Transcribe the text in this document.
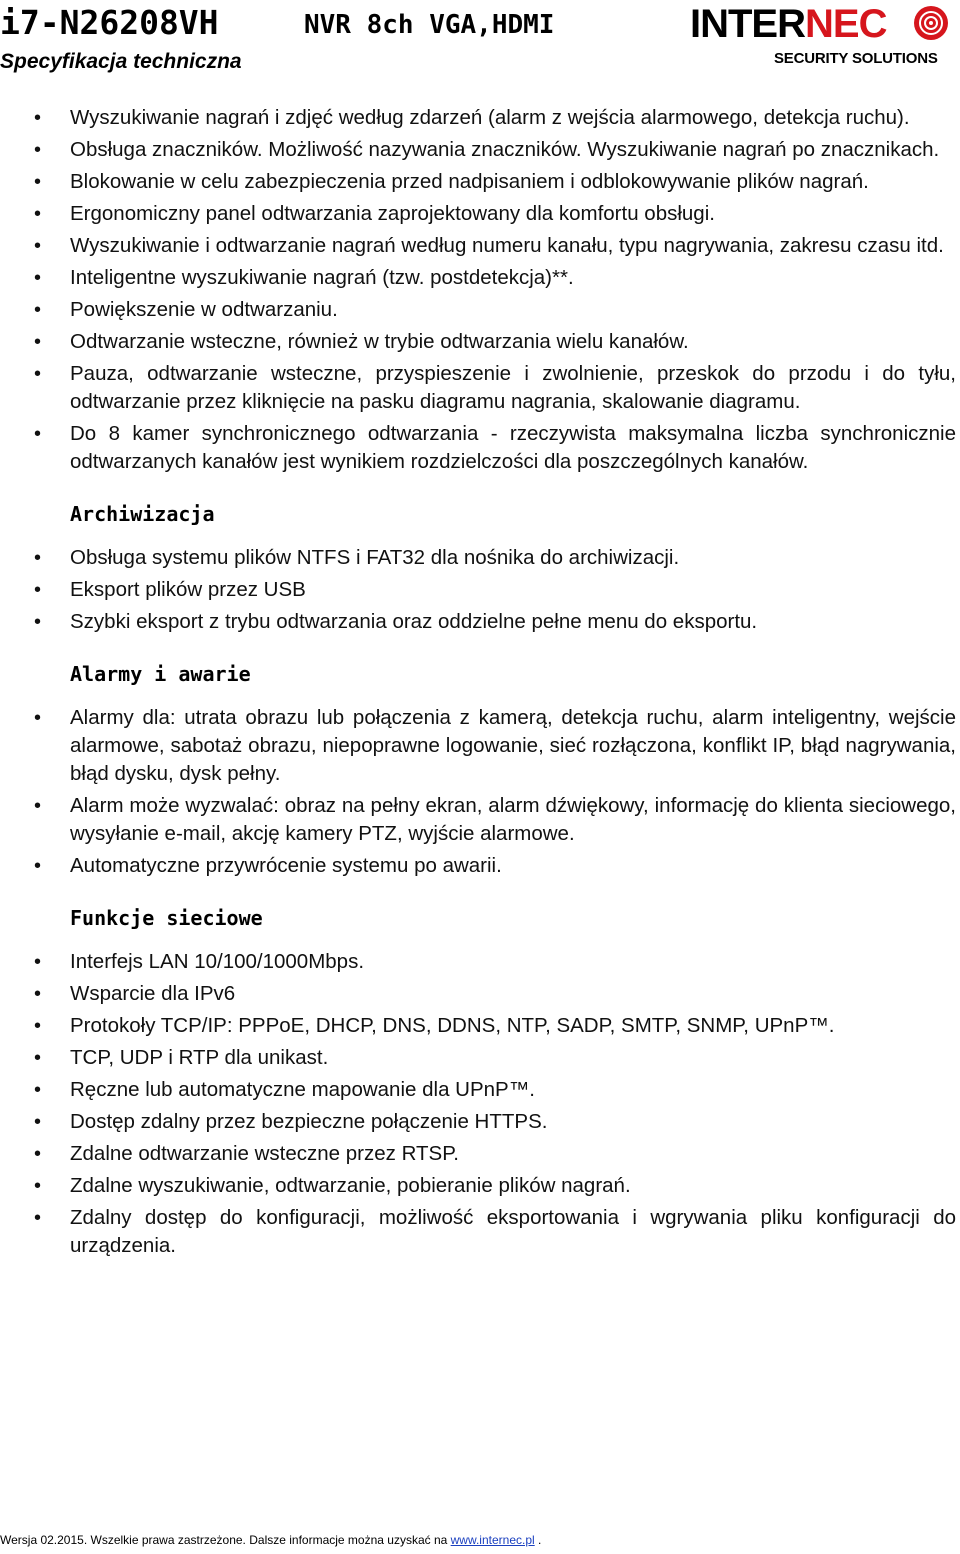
i7-N26208VH	NVR 8ch VGA,HDMI
Specyfikacja techniczna
INTERNEC
SECURITY SOLUTIONS
• Wyszukiwanie nagrań i zdjęć według zdarzeń (alarm z wejścia alarmowego, detekcja ruchu).
• Obsługa znaczników. Możliwość nazywania znaczników. Wyszukiwanie nagrań po znacznikach.
• Blokowanie w celu zabezpieczenia przed nadpisaniem i odblokowywanie plików nagrań.
• Ergonomiczny panel odtwarzania zaprojektowany dla komfortu obsługi.
• Wyszukiwanie i odtwarzanie nagrań według numeru kanału, typu nagrywania, zakresu czasu itd.
• Inteligentne wyszukiwanie nagrań (tzw. postdetekcja)**.
• Powiększenie w odtwarzaniu.
• Odtwarzanie wsteczne, również w trybie odtwarzania wielu kanałów.
• Pauza, odtwarzanie wsteczne, przyspieszenie i zwolnienie, przeskok do przodu i do tyłu, odtwarzanie przez kliknięcie na pasku diagramu nagrania, skalowanie diagramu.
• Do 8 kamer synchronicznego odtwarzania - rzeczywista maksymalna liczba synchronicznie odtwarzanych kanałów jest wynikiem rozdzielczości dla poszczególnych kanałów.
Archiwizacja
• Obsługa systemu plików NTFS i FAT32 dla nośnika do archiwizacji.
• Eksport plików przez USB
• Szybki eksport z trybu odtwarzania oraz oddzielne pełne menu do eksportu.
Alarmy i awarie
• Alarmy dla: utrata obrazu lub połączenia z kamerą, detekcja ruchu, alarm inteligentny, wejście alarmowe, sabotaż obrazu, niepoprawne logowanie, sieć rozłączona, konflikt IP, błąd nagrywania, błąd dysku, dysk pełny.
• Alarm może wyzwalać: obraz na pełny ekran, alarm dźwiękowy, informację do klienta sieciowego, wysyłanie e-mail, akcję kamery PTZ, wyjście alarmowe.
• Automatyczne przywrócenie systemu po awarii.
Funkcje sieciowe
• Interfejs LAN 10/100/1000Mbps.
• Wsparcie dla IPv6
• Protokoły TCP/IP: PPPoE, DHCP, DNS, DDNS, NTP, SADP, SMTP, SNMP, UPnP™.
• TCP, UDP i RTP dla unikast.
• Ręczne lub automatyczne mapowanie dla UPnP™.
• Dostęp zdalny przez bezpieczne połączenie HTTPS.
• Zdalne odtwarzanie wsteczne przez RTSP.
• Zdalne wyszukiwanie, odtwarzanie, pobieranie plików nagrań.
• Zdalny dostęp do konfiguracji, możliwość eksportowania i wgrywania pliku konfiguracji do urządzenia.
Wersja 02.2015. Wszelkie prawa zastrzeżone. Dalsze informacje można uzyskać na www.internec.pl .
